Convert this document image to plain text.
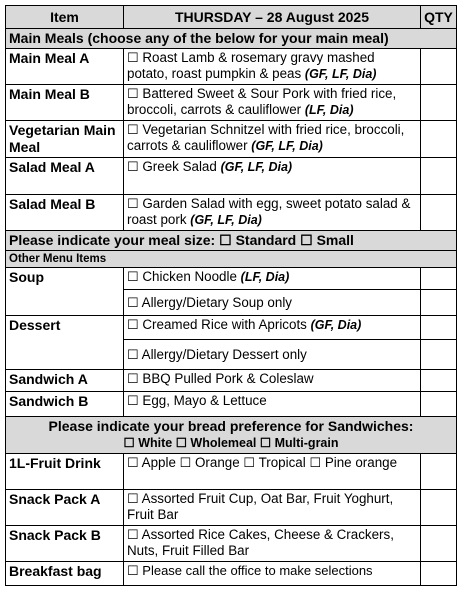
Item	THURSDAY – 28 August 2025	QTY
Main Meals (choose any of the below for your main meal)		
Main Meal A	☐ Roast Lamb & rosemary gravy mashed potato, roast pumpkin & peas (GF, LF, Dia)	
Main Meal B	☐ Battered Sweet & Sour Pork with fried rice, broccoli, carrots & cauliflower (LF, Dia)	
Vegetarian Main Meal	☐ Vegetarian Schnitzel with fried rice, broccoli, carrots & cauliflower (GF, LF, Dia)	
Salad Meal A	☐ Greek Salad (GF, LF, Dia)	
Salad Meal B	☐ Garden Salad with egg, sweet potato salad & roast pork (GF, LF, Dia)	
Please indicate your meal size: ☐ Standard ☐ Small		
Other Menu Items		
Soup	☐ Chicken Noodle (LF, Dia)	
	☐ Allergy/Dietary Soup only	
Dessert	☐ Creamed Rice with Apricots (GF, Dia)	
	☐ Allergy/Dietary Dessert only	
Sandwich A	☐ BBQ Pulled Pork & Coleslaw	
Sandwich B	☐ Egg, Mayo & Lettuce	

Please indicate your bread preference for Sandwiches:
☐ White ☐ Wholemeal ☐ Multi-grain		

1L-Fruit Drink	☐ Apple ☐ Orange ☐ Tropical ☐ Pine orange	
Snack Pack A	☐ Assorted Fruit Cup, Oat Bar, Fruit Yoghurt, Fruit Bar	
Snack Pack B	☐ Assorted Rice Cakes, Cheese & Crackers, Nuts, Fruit Filled Bar	
Breakfast bag	☐ Please call the office to make selections	
